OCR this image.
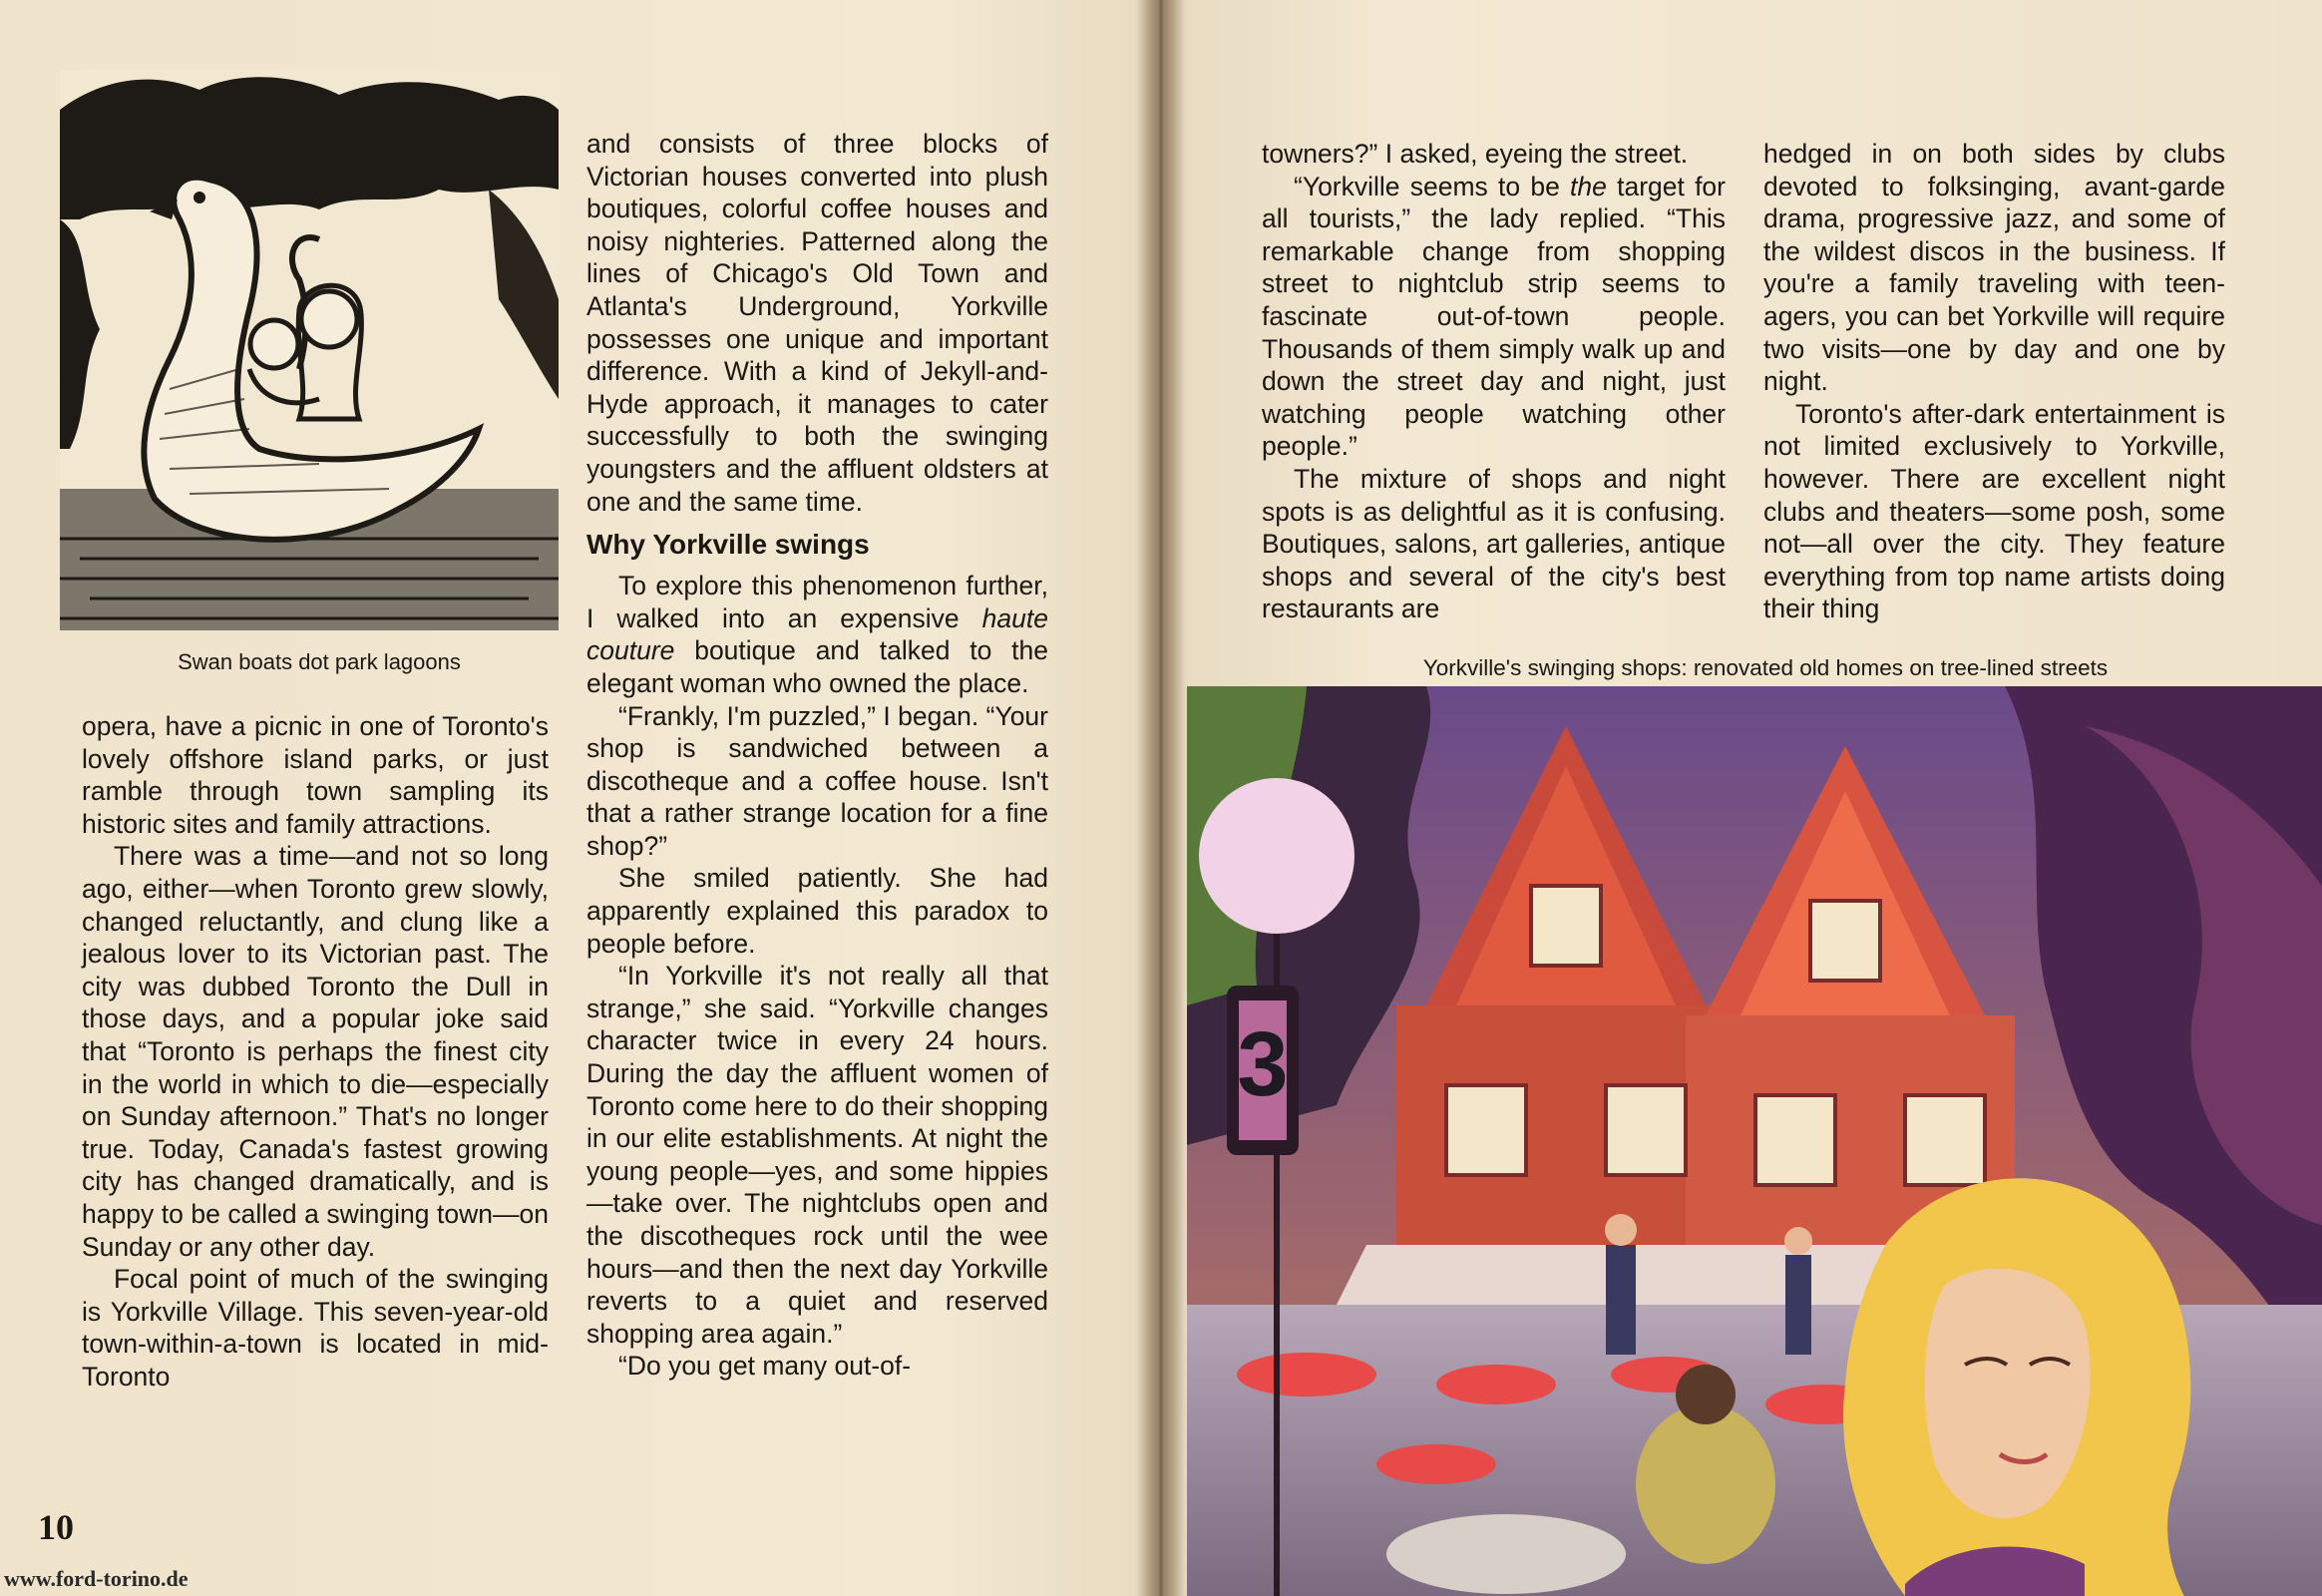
Swan boats dot park lagoons

opera, have a picnic in one of Toronto's lovely offshore island parks, or just ramble through town sampling its historic sites and family attractions.

There was a time—and not so long ago, either—when Toronto grew slowly, changed reluctantly, and clung like a jealous lover to its Victorian past. The city was dubbed Toronto the Dull in those days, and a popular joke said that “Toronto is perhaps the finest city in the world in which to die—especially on Sunday afternoon.” That's no longer true. Today, Canada's fastest growing city has changed dramatically, and is happy to be called a swinging town—on Sunday or any other day.

Focal point of much of the swinging is Yorkville Village. This seven-year-old town-within-a-town is located in mid-Toronto

and consists of three blocks of Victorian houses converted into plush boutiques, colorful coffee houses and noisy nighteries. Patterned along the lines of Chicago's Old Town and Atlanta's Underground, Yorkville possesses one unique and important difference. With a kind of Jekyll-and-Hyde approach, it manages to cater successfully to both the swinging youngsters and the affluent oldsters at one and the same time.

Why Yorkville swings

To explore this phenomenon further, I walked into an expensive haute couture boutique and talked to the elegant woman who owned the place.

“Frankly, I'm puzzled,” I began. “Your shop is sandwiched between a discotheque and a coffee house. Isn't that a rather strange location for a fine shop?”

She smiled patiently. She had apparently explained this paradox to people before.

“In Yorkville it's not really all that strange,” she said. “Yorkville changes character twice in every 24 hours. During the day the affluent women of Toronto come here to do their shopping in our elite establishments. At night the young people—yes, and some hippies—take over. The nightclubs open and the discotheques rock until the wee hours—and then the next day Yorkville reverts to a quiet and reserved shopping area again.”

“Do you get many out-of-

10

towners?” I asked, eyeing the street.

“Yorkville seems to be the target for all tourists,” the lady replied. “This remarkable change from shopping street to nightclub strip seems to fascinate out-of-town people. Thousands of them simply walk up and down the street day and night, just watching people watching other people.”

The mixture of shops and night spots is as delightful as it is confusing. Boutiques, salons, art galleries, antique shops and several of the city's best restaurants are

hedged in on both sides by clubs devoted to folksinging, avant-garde drama, progressive jazz, and some of the wildest discos in the business. If you're a family traveling with teen-agers, you can bet Yorkville will require two visits—one by day and one by night.

Toronto's after-dark entertainment is not limited exclusively to Yorkville, however. There are excellent night clubs and theaters—some posh, some not—all over the city. They feature everything from top name artists doing their thing

Yorkville's swinging shops: renovated old homes on tree-lined streets
3
www.ford-torino.de
